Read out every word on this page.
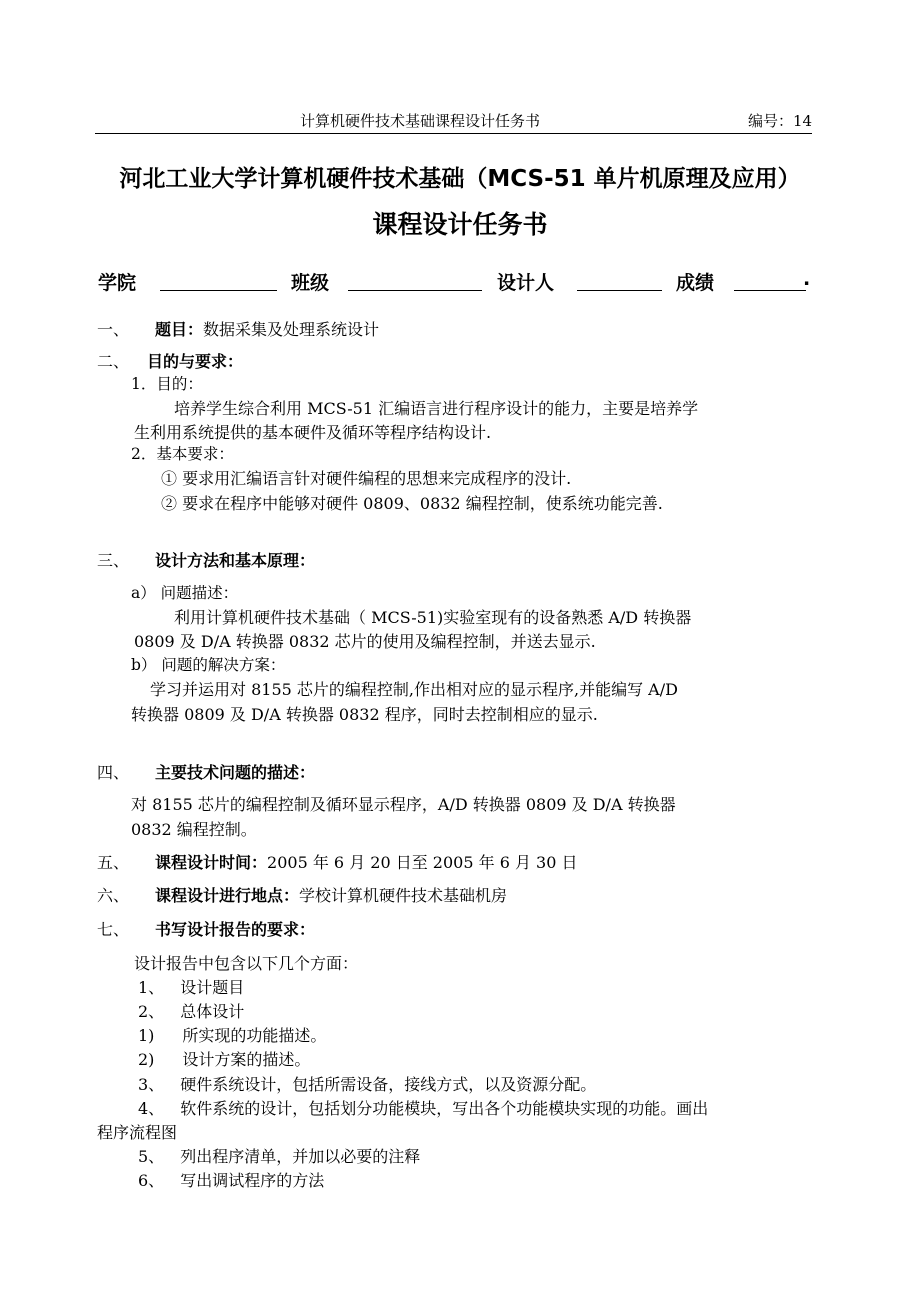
计算机硬件技术基础课程设计任务书	编号：14
河北工业大学计算机硬件技术基础（MCS-51 单片机原理及应用）
课程设计任务书
学院	班级	设计人	成绩	.
一、 题目：数据采集及处理系统设计
二、 目的与要求：
1．目的：
培养学生综合利用 MCS-51 汇编语言进行程序设计的能力，主要是培养学
生利用系统提供的基本硬件及循环等程序结构设计.
2．基本要求：
① 要求用汇编语言针对硬件编程的思想来完成程序的没计.
② 要求在程序中能够对硬件 0809、0832 编程控制，使系统功能完善.
三、 设计方法和基本原理：
a） 问题描述：
利用计算机硬件技术基础（ MCS-51)实验室现有的设备熟悉 A/D 转换器
0809 及 D/A 转换器 0832 芯片的使用及编程控制，并送去显示.
b） 问题的解决方案：
学习并运用对 8155 芯片的编程控制,作出相对应的显示程序,并能编写 A/D
转换器 0809 及 D/A 转换器 0832 程序，同时去控制相应的显示.
四、 主要技术问题的描述：
对 8155 芯片的编程控制及循环显示程序，A/D 转换器 0809 及 D/A 转换器
0832 编程控制。
五、 课程设计时间：2005 年 6 月 20 日至 2005 年 6 月 30 日
六、 课程设计进行地点：学校计算机硬件技术基础机房
七、 书写设计报告的要求：
设计报告中包含以下几个方面：
1、 设计题目
2、 总体设计
1) 所实现的功能描述。
2) 设计方案的描述。
3、 硬件系统设计，包括所需设备，接线方式，以及资源分配。
4、 软件系统的设计，包括划分功能模块，写出各个功能模块实现的功能。画出
程序流程图
5、 列出程序清单，并加以必要的注释
6、 写出调试程序的方法
